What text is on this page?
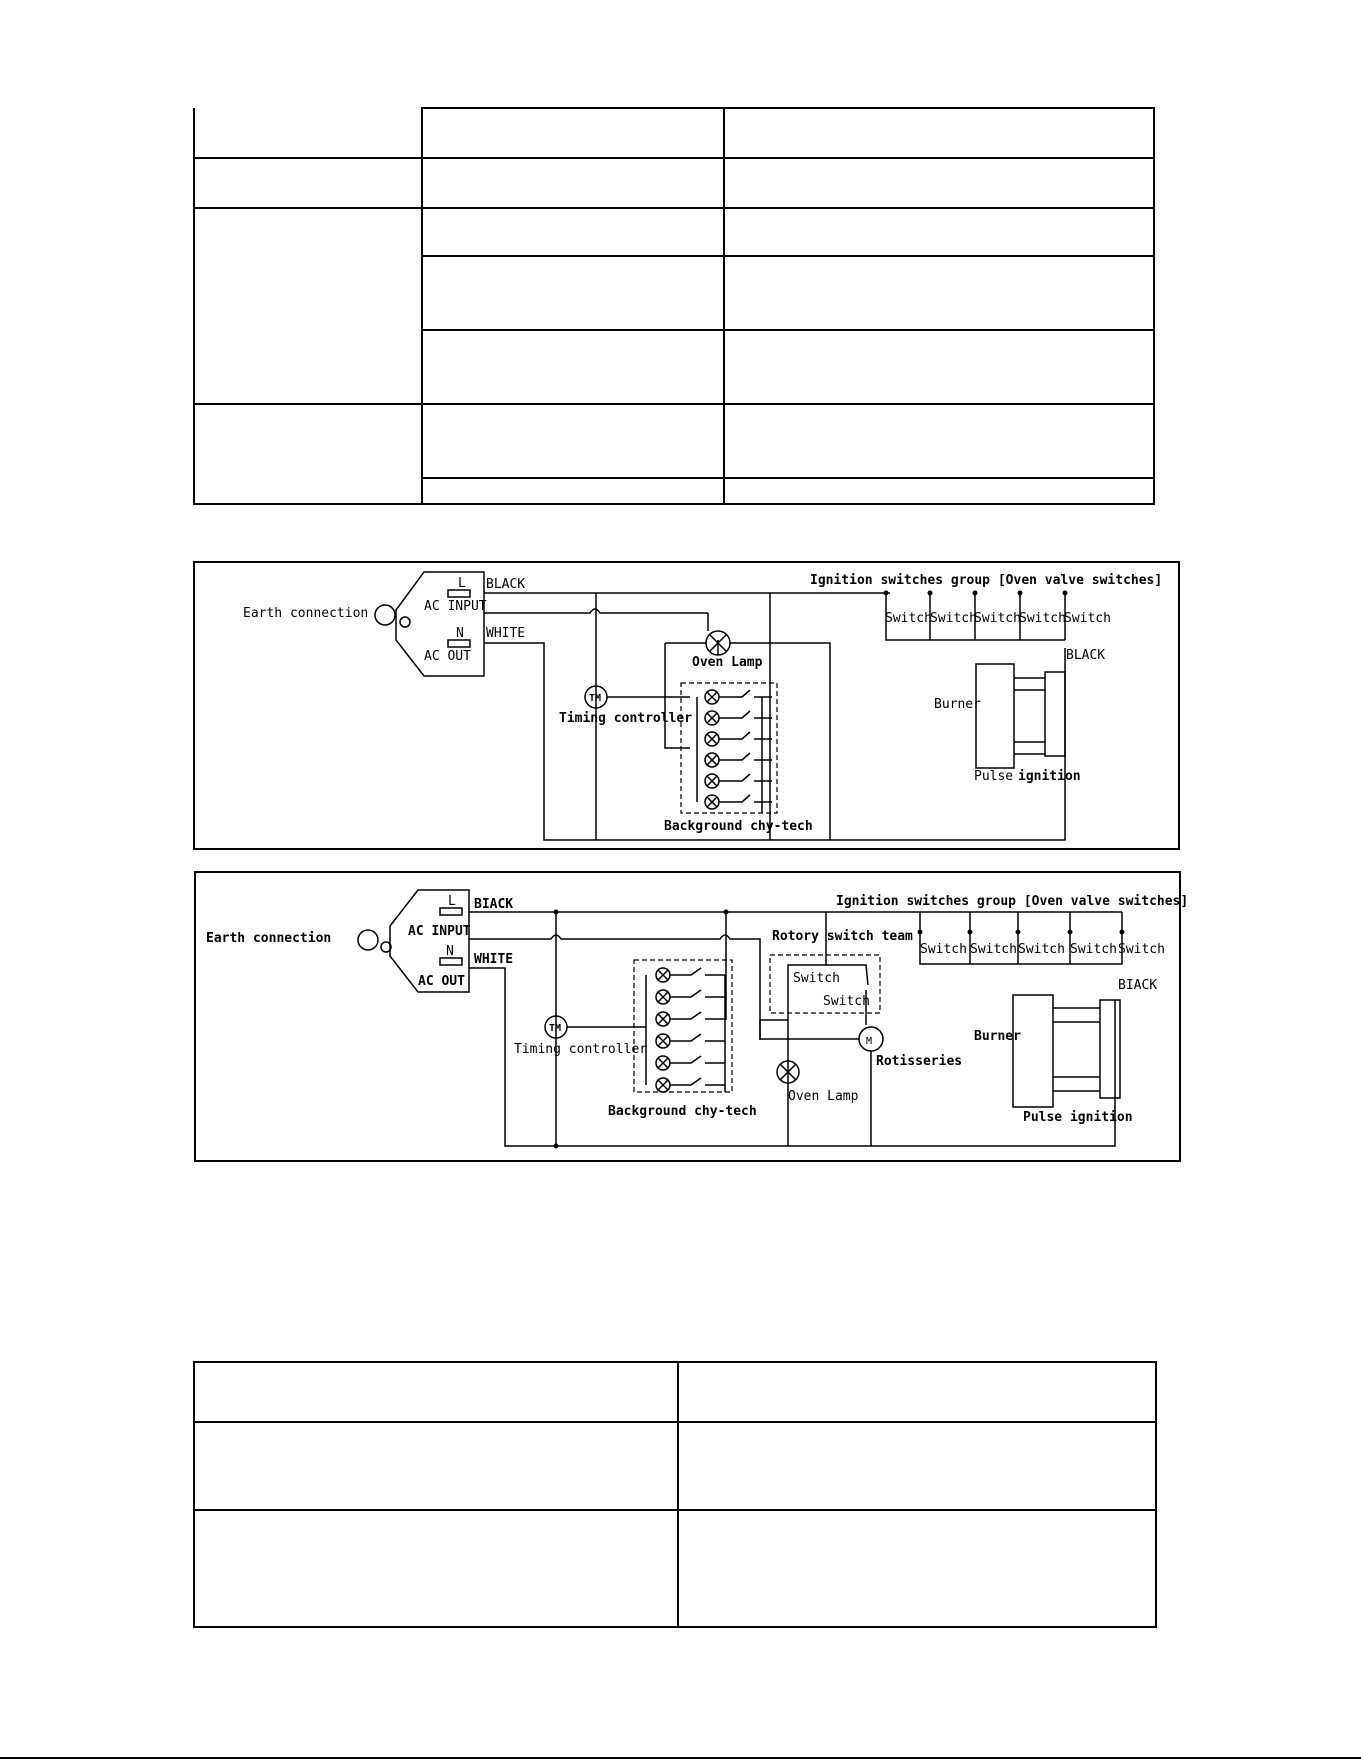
Earth connection
L
AC INPUT
N
AC OUT
BLACK
WHITE
Oven Lamp
TM
Timing controller
Background chy-tech
Ignition switches group [Oven valve switches]
Switch
Switch
Switch
Switch
Switch
BLACK
Burner
Pulse ignition
Earth connection
L
AC INPUT
N
AC OUT
BIACK
WHITE
Background chy-tech
TM
Timing controller
Rotory switch team
Switch
Switch
M
Rotisseries
Oven Lamp
Ignition switches group [Oven valve switches]
Switch Switch Switch Switch Switch
BIACK
Burner
Pulse ignition
